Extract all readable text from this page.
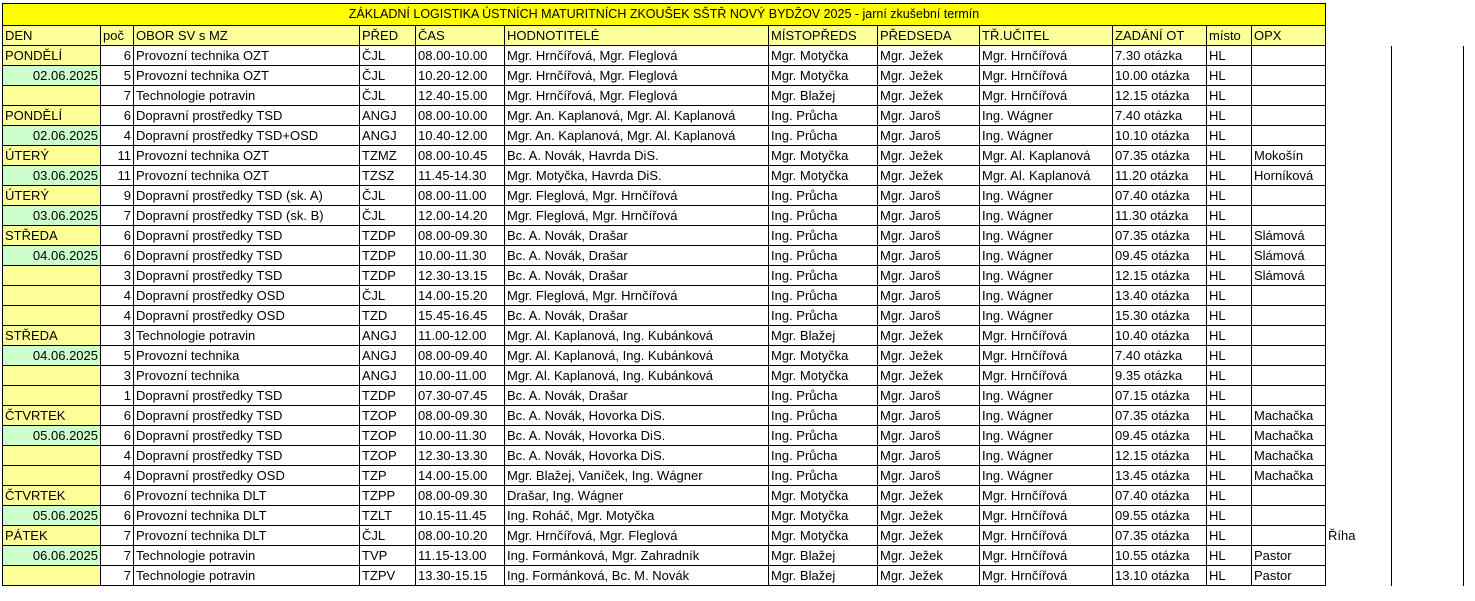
ZÁKLADNÍ LOGISTIKA ÚSTNÍCH MATURITNÍCH ZKOUŠEK SŠTŘ NOVÝ BYDŽOV 2025 - jarní zkušební termín													
DEN	poč	OBOR SV s MZ	PŘED	ČAS	HODNOTITELÉ	MÍSTOPŘEDS	PŘEDSEDA	TŘ.UČITEL	ZADÁNÍ OT	místo	OPX		
PONDĚLÍ	6	Provozní technika OZT	ČJL	08.00-10.00	Mgr. Hrnčířová, Mgr. Fleglová	Mgr. Motyčka	Mgr. Ježek	Mgr. Hrnčířová	7.30 otázka	HL			
02.06.2025	5	Provozní technika OZT	ČJL	10.20-12.00	Mgr. Hrnčířová, Mgr. Fleglová	Mgr. Motyčka	Mgr. Ježek	Mgr. Hrnčířová	10.00 otázka	HL			
	7	Technologie potravin	ČJL	12.40-15.00	Mgr. Hrnčířová, Mgr. Fleglová	Mgr. Blažej	Mgr. Ježek	Mgr. Hrnčířová	12.15 otázka	HL			
PONDĚLÍ	6	Dopravní prostředky TSD	ANGJ	08.00-10.00	Mgr. An. Kaplanová, Mgr. Al. Kaplanová	Ing. Průcha	Mgr. Jaroš	Ing. Wágner	7.40 otázka	HL			
02.06.2025	4	Dopravní prostředky TSD+OSD	ANGJ	10.40-12.00	Mgr. An. Kaplanová, Mgr. Al. Kaplanová	Ing. Průcha	Mgr. Jaroš	Ing. Wágner	10.10 otázka	HL			
ÚTERÝ	11	Provozní technika OZT	TZMZ	08.00-10.45	Bc. A. Novák, Havrda DiS.	Mgr. Motyčka	Mgr. Ježek	Mgr. Al. Kaplanová	07.35 otázka	HL	Mokošín		
03.06.2025	11	Provozní technika OZT	TZSZ	11.45-14.30	Mgr. Motyčka, Havrda DiS.	Mgr. Motyčka	Mgr. Ježek	Mgr. Al. Kaplanová	11.20 otázka	HL	Horníková		
ÚTERÝ	9	Dopravní prostředky TSD (sk. A)	ČJL	08.00-11.00	Mgr. Fleglová, Mgr. Hrnčířová	Ing. Průcha	Mgr. Jaroš	Ing. Wágner	07.40 otázka	HL			
03.06.2025	7	Dopravní prostředky TSD (sk. B)	ČJL	12.00-14.20	Mgr. Fleglová, Mgr. Hrnčířová	Ing. Průcha	Mgr. Jaroš	Ing. Wágner	11.30 otázka	HL			
STŘEDA	6	Dopravní prostředky TSD	TZDP	08.00-09.30	Bc. A. Novák, Drašar	Ing. Průcha	Mgr. Jaroš	Ing. Wágner	07.35 otázka	HL	Slámová		
04.06.2025	6	Dopravní prostředky TSD	TZDP	10.00-11.30	Bc. A. Novák, Drašar	Ing. Průcha	Mgr. Jaroš	Ing. Wágner	09.45 otázka	HL	Slámová		
	3	Dopravní prostředky TSD	TZDP	12.30-13.15	Bc. A. Novák, Drašar	Ing. Průcha	Mgr. Jaroš	Ing. Wágner	12.15 otázka	HL	Slámová		
	4	Dopravní prostředky OSD	ČJL	14.00-15.20	Mgr. Fleglová, Mgr. Hrnčířová	Ing. Průcha	Mgr. Jaroš	Ing. Wágner	13.40 otázka	HL			
	4	Dopravní prostředky OSD	TZD	15.45-16.45	Bc. A. Novák, Drašar	Ing. Průcha	Mgr. Jaroš	Ing. Wágner	15.30 otázka	HL			
STŘEDA	3	Technologie potravin	ANGJ	11.00-12.00	Mgr. Al. Kaplanová, Ing. Kubánková	Mgr. Blažej	Mgr. Ježek	Mgr. Hrnčířová	10.40 otázka	HL			
04.06.2025	5	Provozní technika	ANGJ	08.00-09.40	Mgr. Al. Kaplanová, Ing. Kubánková	Mgr. Motyčka	Mgr. Ježek	Mgr. Hrnčířová	7.40 otázka	HL			
	3	Provozní technika	ANGJ	10.00-11.00	Mgr. Al. Kaplanová, Ing. Kubánková	Mgr. Motyčka	Mgr. Ježek	Mgr. Hrnčířová	9.35 otázka	HL			
	1	Dopravní prostředky TSD	TZDP	07.30-07.45	Bc. A. Novák, Drašar	Ing. Průcha	Mgr. Jaroš	Ing. Wágner	07.15 otázka	HL			
ČTVRTEK	6	Dopravní prostředky TSD	TZOP	08.00-09.30	Bc. A. Novák, Hovorka DiS.	Ing. Průcha	Mgr. Jaroš	Ing. Wágner	07.35 otázka	HL	Machačka		
05.06.2025	6	Dopravní prostředky TSD	TZOP	10.00-11.30	Bc. A. Novák, Hovorka DiS.	Ing. Průcha	Mgr. Jaroš	Ing. Wágner	09.45 otázka	HL	Machačka		
	4	Dopravní prostředky TSD	TZOP	12.30-13.30	Bc. A. Novák, Hovorka DiS.	Ing. Průcha	Mgr. Jaroš	Ing. Wágner	12.15 otázka	HL	Machačka		
	4	Dopravní prostředky OSD	TZP	14.00-15.00	Mgr. Blažej, Vaníček, Ing. Wágner	Ing. Průcha	Mgr. Jaroš	Ing. Wágner	13.45 otázka	HL	Machačka		
ČTVRTEK	6	Provozní technika DLT	TZPP	08.00-09.30	Drašar, Ing. Wágner	Mgr. Motyčka	Mgr. Ježek	Mgr. Hrnčířová	07.40 otázka	HL			
05.06.2025	6	Provozní technika DLT	TZLT	10.15-11.45	Ing. Roháč, Mgr. Motyčka	Mgr. Motyčka	Mgr. Ježek	Mgr. Hrnčířová	09.55 otázka	HL			
PÁTEK	7	Provozní technika DLT	ČJL	08.00-10.20	Mgr. Hrnčířová, Mgr. Fleglová	Mgr. Motyčka	Mgr. Ježek	Mgr. Hrnčířová	07.35 otázka	HL		Říha	
06.06.2025	7	Technologie potravin	TVP	11.15-13.00	Ing. Formánková, Mgr. Zahradník	Mgr. Blažej	Mgr. Ježek	Mgr. Hrnčířová	10.55 otázka	HL	Pastor		
	7	Technologie potravin	TZPV	13.30-15.15	Ing. Formánková, Bc. M. Novák	Mgr. Blažej	Mgr. Ježek	Mgr. Hrnčířová	13.10 otázka	HL	Pastor		
